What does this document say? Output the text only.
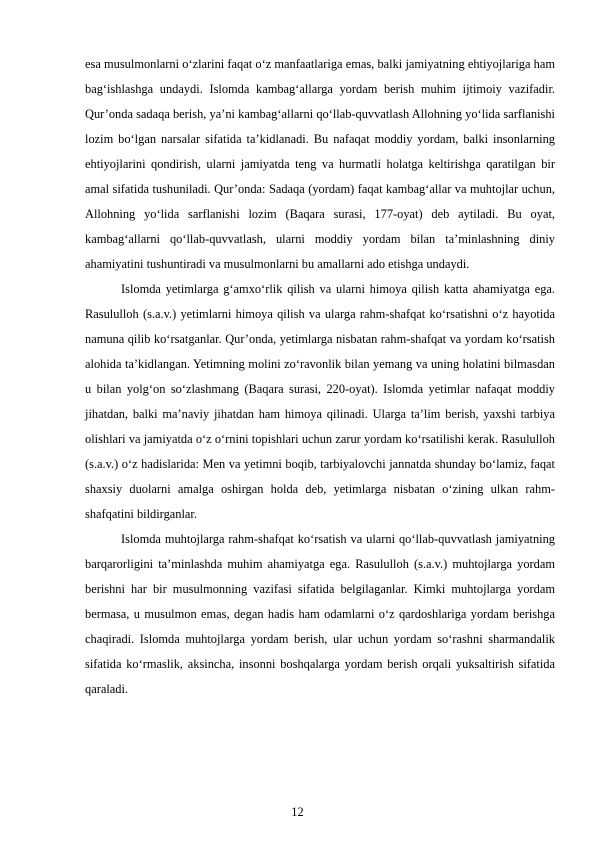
esa musulmonlarni o‘zlarini faqat o‘z manfaatlariga emas, balki jamiyatning ehtiyojlariga ham bag‘ishlashga undaydi. Islomda kambag‘allarga yordam berish muhim ijtimoiy vazifadir. Qur’onda sadaqa berish, ya’ni kambag‘allarni qo‘llab-quvvatlash Allohning yo‘lida sarflanishi lozim bo‘lgan narsalar sifatida ta’kidlanadi. Bu nafaqat moddiy yordam, balki insonlarning ehtiyojlarini qondirish, ularni jamiyatda teng va hurmatli holatga keltirishga qaratilgan bir amal sifatida tushuniladi. Qur’onda: Sadaqa (yordam) faqat kambag‘allar va muhtojlar uchun, Allohning yo‘lida sarflanishi lozim (Baqara surasi, 177-oyat) deb aytiladi. Bu oyat, kambag‘allarni qo‘llab-quvvatlash, ularni moddiy yordam bilan ta’minlashning diniy ahamiyatini tushuntiradi va musulmonlarni bu amallarni ado etishga undaydi.

Islomda yetimlarga g‘amxo‘rlik qilish va ularni himoya qilish katta ahamiyatga ega. Rasululloh (s.a.v.) yetimlarni himoya qilish va ularga rahm-shafqat ko‘rsatishni o‘z hayotida namuna qilib ko‘rsatganlar. Qur’onda, yetimlarga nisbatan rahm-shafqat va yordam ko‘rsatish alohida ta’kidlangan. Yetimning molini zo‘ravonlik bilan yemang va uning holatini bilmasdan u bilan yolg‘on so‘zlashmang (Baqara surasi, 220-oyat). Islomda yetimlar nafaqat moddiy jihatdan, balki ma’naviy jihatdan ham himoya qilinadi. Ularga ta’lim berish, yaxshi tarbiya olishlari va jamiyatda o‘z o‘rnini topishlari uchun zarur yordam ko‘rsatilishi kerak. Rasululloh (s.a.v.) o‘z hadislarida: Men va yetimni boqib, tarbiyalovchi jannatda shunday bo‘lamiz, faqat shaxsiy duolarni amalga oshirgan holda deb, yetimlarga nisbatan o‘zining ulkan rahm-shafqatini bildirganlar.

Islomda muhtojlarga rahm-shafqat ko‘rsatish va ularni qo‘llab-quvvatlash jamiyatning barqarorligini ta’minlashda muhim ahamiyatga ega. Rasululloh (s.a.v.) muhtojlarga yordam berishni har bir musulmonning vazifasi sifatida belgilaganlar. Kimki muhtojlarga yordam bermasa, u musulmon emas, degan hadis ham odamlarni o‘z qardoshlariga yordam berishga chaqiradi. Islomda muhtojlarga yordam berish, ular uchun yordam so‘rashni sharmandalik sifatida ko‘rmaslik, aksincha, insonni boshqalarga yordam berish orqali yuksaltirish sifatida qaraladi.

12
